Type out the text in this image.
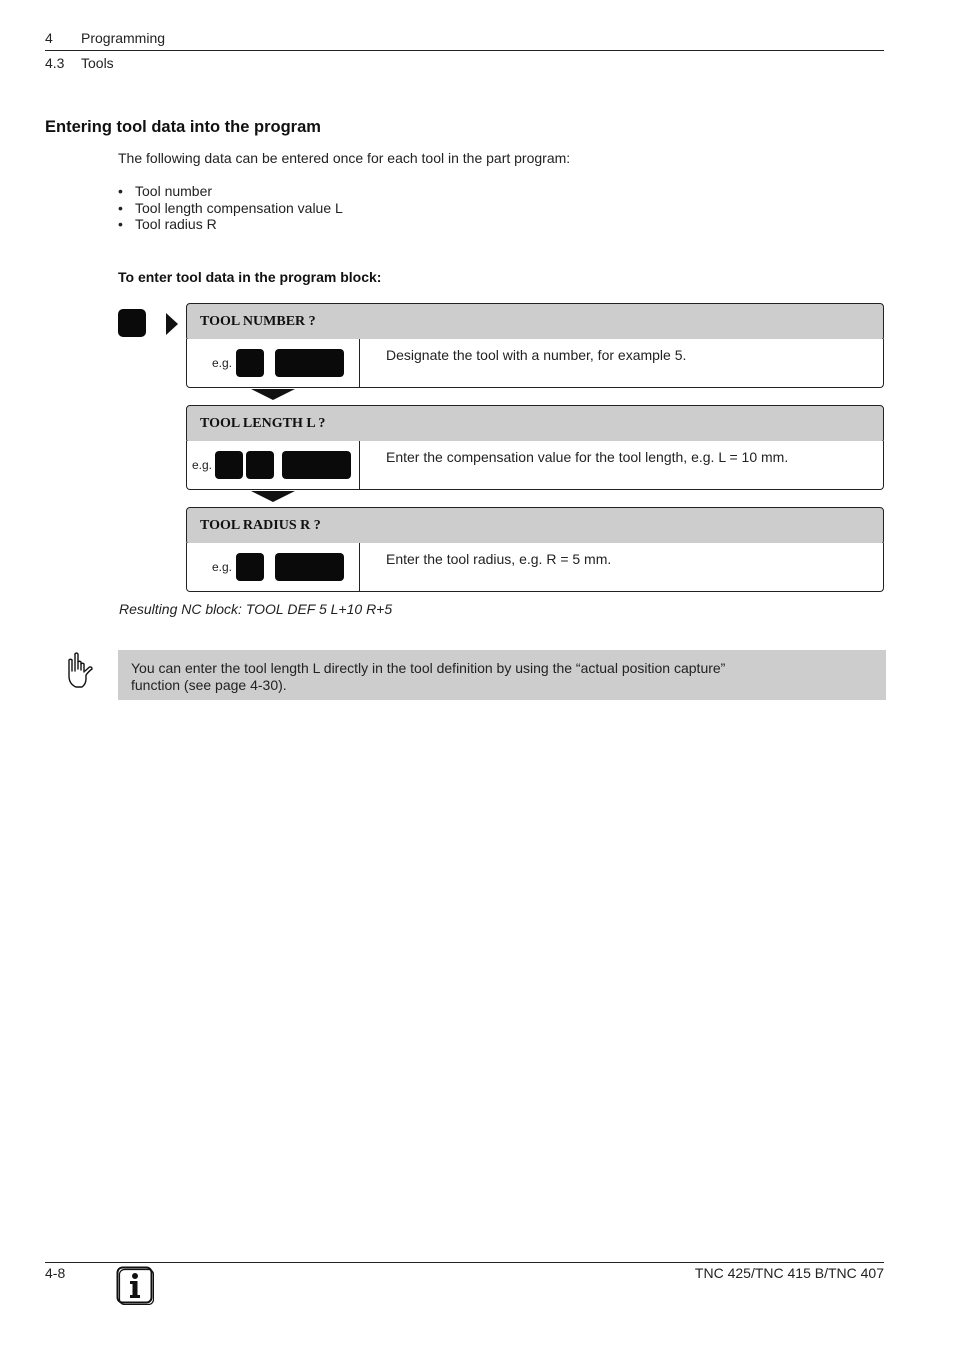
4 Programming
4.3 Tools
Entering tool data into the program
The following data can be entered once for each tool in the part program:
• Tool number
• Tool length compensation value L
• Tool radius R
To enter tool data in the program block:
TOOL NUMBER ?
e.g.	Designate the tool with a number, for example 5.
TOOL LENGTH L ?
e.g.	Enter the compensation value for the tool length, e.g. L = 10 mm.
TOOL RADIUS R ?
e.g.	Enter the tool radius, e.g. R = 5 mm.
Resulting NC block: TOOL DEF 5 L+10 R+5
You can enter the tool length L directly in the tool definition by using the “actual position capture” function (see page 4-30).
4-8	TNC 425/TNC 415 B/TNC 407
